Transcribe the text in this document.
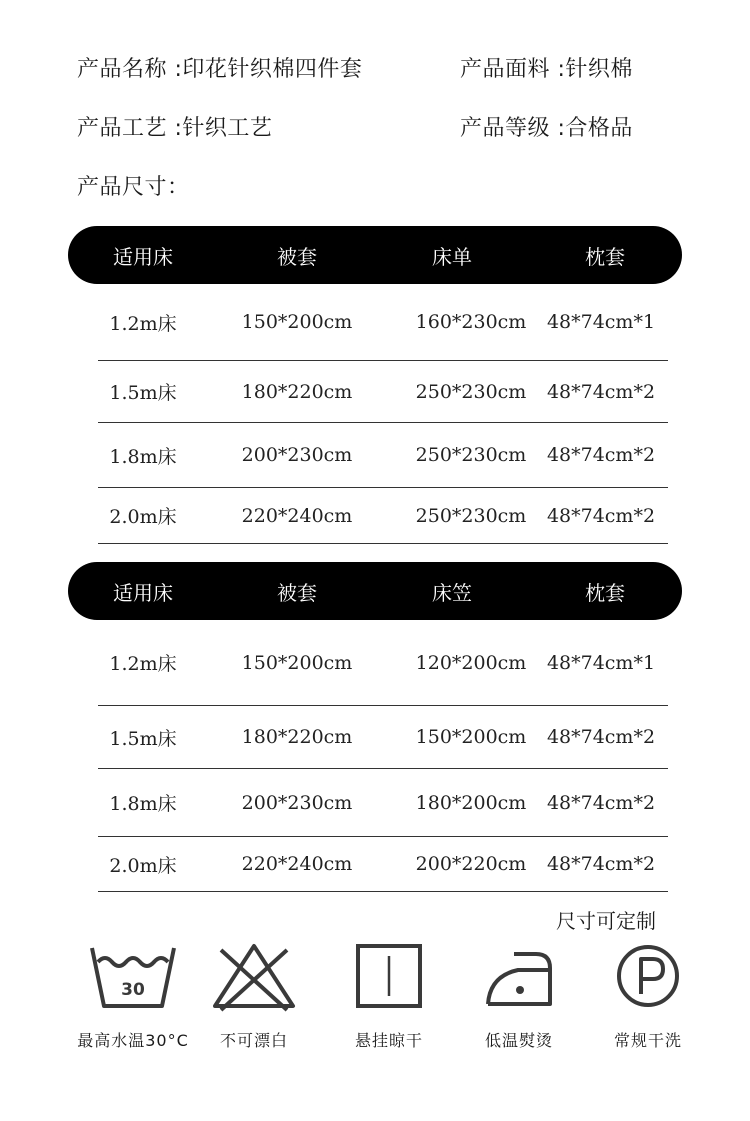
产品名称 :印花针织棉四件套	产品面料 :针织棉
产品工艺 :针织工艺	产品等级 :合格品
产品尺寸：
适用床	被套	床单	枕套
1.2m床	150*200cm	160*230cm	48*74cm*1
1.5m床	180*220cm	250*230cm	48*74cm*2
1.8m床	200*230cm	250*230cm	48*74cm*2
2.0m床	220*240cm	250*230cm	48*74cm*2
适用床	被套	床笠	枕套
1.2m床	150*200cm	120*200cm	48*74cm*1
1.5m床	180*220cm	150*200cm	48*74cm*2
1.8m床	200*230cm	180*200cm	48*74cm*2
2.0m床	220*240cm	200*220cm	48*74cm*2
尺寸可定制
30
最高水温30°C	不可漂白	悬挂晾干	低温熨烫	常规干洗
